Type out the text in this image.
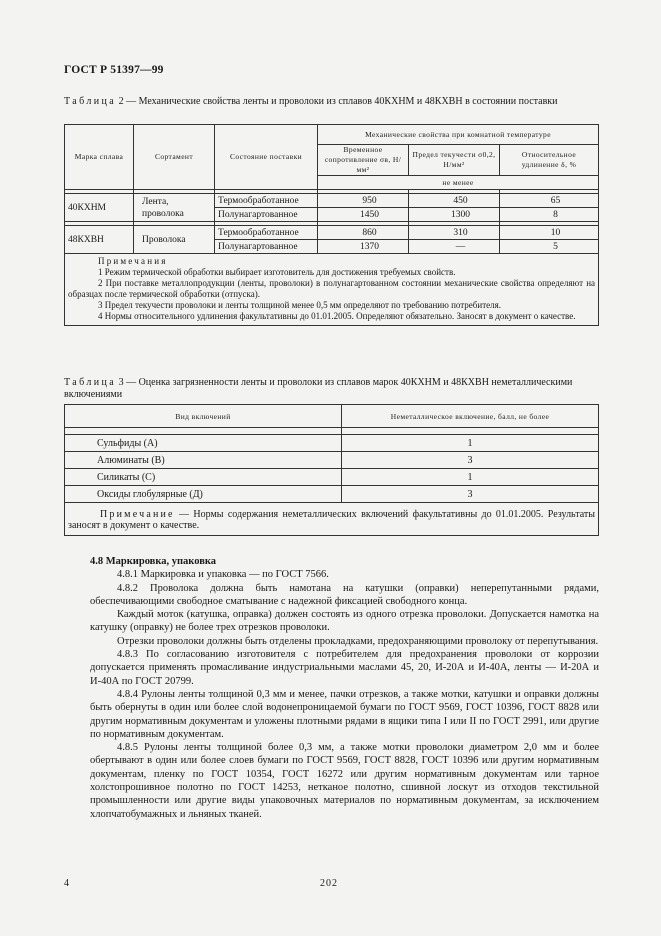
ГОСТ Р 51397—99
Таблица 2 — Механические свойства ленты и проволоки из сплавов 40КХНМ и 48КХВН в состоянии поставки
Марка сплава	Сортамент	Состояние поставки	Механические свойства при комнатной температуре		
			Временное сопротивление σв, Н/мм²	Предел текучести σ0,2, Н/мм²	Относительное удлинение δ, %
			не менее		

40КХНМ	Лента, проволока	Термообработанное	950	450	65
		Полунагартованное	1450	1300	8

48КХВН	Проволока	Термообработанное	860	310	10
		Полунагартованное	1370	—	5

Примечания
1 Режим термической обработки выбирает изготовитель для достижения требуемых свойств.
2 При поставке металлопродукции (ленты, проволоки) в полунагартованном состоянии механические свойства определяют на образцах после термической обработки (отпуска).
3 Предел текучести проволоки и ленты толщиной менее 0,5 мм определяют по требованию потребителя.
4 Нормы относительного удлинения факультативны до 01.01.2005. Определяют обязательно. Заносят в документ о качестве.					
Таблица 3 — Оценка загрязненности ленты и проволоки из сплавов марок 40КХНМ и 48КХВН неметаллическими включениями
Вид включений	Неметаллическое включение, балл, не более

Сульфиды (А)	1
Алюминаты (В)	3
Силикаты (С)	1
Оксиды глобулярные (Д)	3
Примечание — Нормы содержания неметаллических включений факультативны до 01.01.2005. Результаты заносят в документ о качестве.	

4.8 Маркировка, упаковка

4.8.1 Маркировка и упаковка — по ГОСТ 7566.

4.8.2 Проволока должна быть намотана на катушки (оправки) неперепутанными рядами, обеспечивающими свободное сматывание с надежной фиксацией свободного конца.

Каждый моток (катушка, оправка) должен состоять из одного отрезка проволоки. Допускается намотка на катушку (оправку) не более трех отрезков проволоки.

Отрезки проволоки должны быть отделены прокладками, предохраняющими проволоку от перепутывания.

4.8.3 По согласованию изготовителя с потребителем для предохранения проволоки от коррозии допускается применять промасливание индустриальными маслами 45, 20, И-20А и И-40А, ленты — И-20А и И-40А по ГОСТ 20799.

4.8.4 Рулоны ленты толщиной 0,3 мм и менее, пачки отрезков, а также мотки, катушки и оправки должны быть обернуты в один или более слой водонепроницаемой бумаги по ГОСТ 9569, ГОСТ 10396, ГОСТ 8828 или другим нормативным документам и уложены плотными рядами в ящики типа I или II по ГОСТ 2991, или другие по нормативным документам.

4.8.5 Рулоны ленты толщиной более 0,3 мм, а также мотки проволоки диаметром 2,0 мм и более обертывают в один или более слоев бумаги по ГОСТ 9569, ГОСТ 8828, ГОСТ 10396 или другим нормативным документам, пленку по ГОСТ 10354, ГОСТ 16272 или другим нормативным документам или тарное холстопрошивное полотно по ГОСТ 14253, нетканое полотно, сшивной лоскут из отходов текстильной промышленности или другие виды упаковочных материалов по нормативным документам, за исключением хлопчатобумажных и льняных тканей.

4	202
